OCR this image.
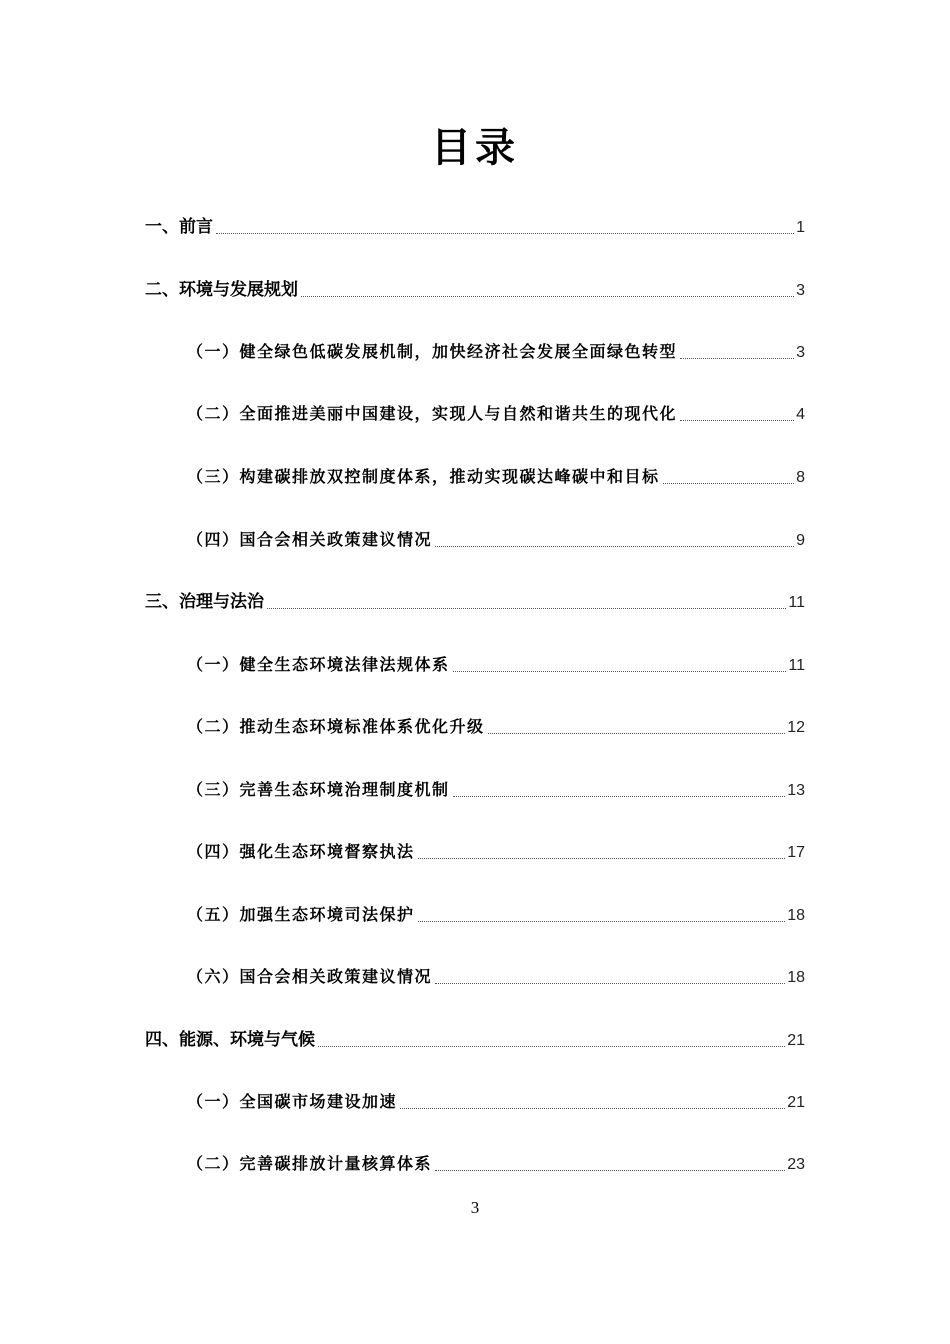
目录
一、前言	1
二、环境与发展规划	3
（一）健全绿色低碳发展机制，加快经济社会发展全面绿色转型	3
（二）全面推进美丽中国建设，实现人与自然和谐共生的现代化	4
（三）构建碳排放双控制度体系，推动实现碳达峰碳中和目标	8
（四）国合会相关政策建议情况	9
三、治理与法治	11
（一）健全生态环境法律法规体系	11
（二）推动生态环境标准体系优化升级	12
（三）完善生态环境治理制度机制	13
（四）强化生态环境督察执法	17
（五）加强生态环境司法保护	18
（六）国合会相关政策建议情况	18
四、能源、环境与气候	21
（一）全国碳市场建设加速	21
（二）完善碳排放计量核算体系	23
3
